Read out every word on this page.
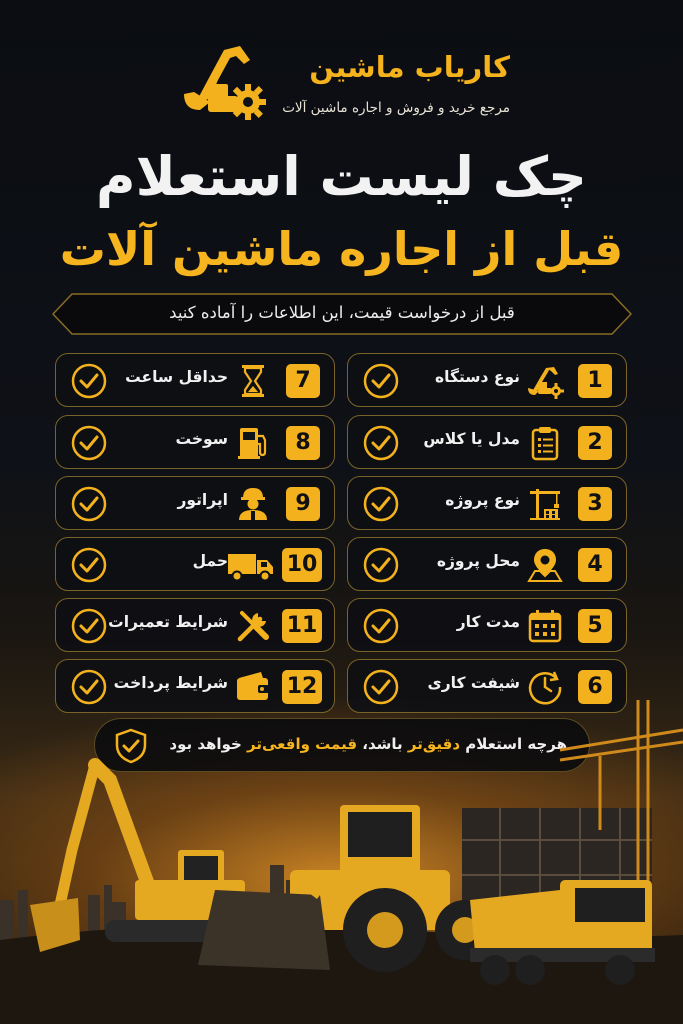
کاریاب ماشین
مرجع خرید و فروش و اجاره ماشین آلات
چک لیست استعلام
قبل از اجاره ماشین آلات
قبل از درخواست قیمت، این اطلاعات را آماده کنید
1
نوع دستگاه
2
مدل یا کلاس
3
نوع پروژه
4
محل پروژه
5
مدت کار
6
شیفت کاری
7
حداقل ساعت
8
سوخت
9
اپراتور
10
حمل
11
شرایط تعمیرات
12
شرایط پرداخت
هرچه استعلام دقیق‌تر باشد، قیمت واقعی‌تر خواهد بود
